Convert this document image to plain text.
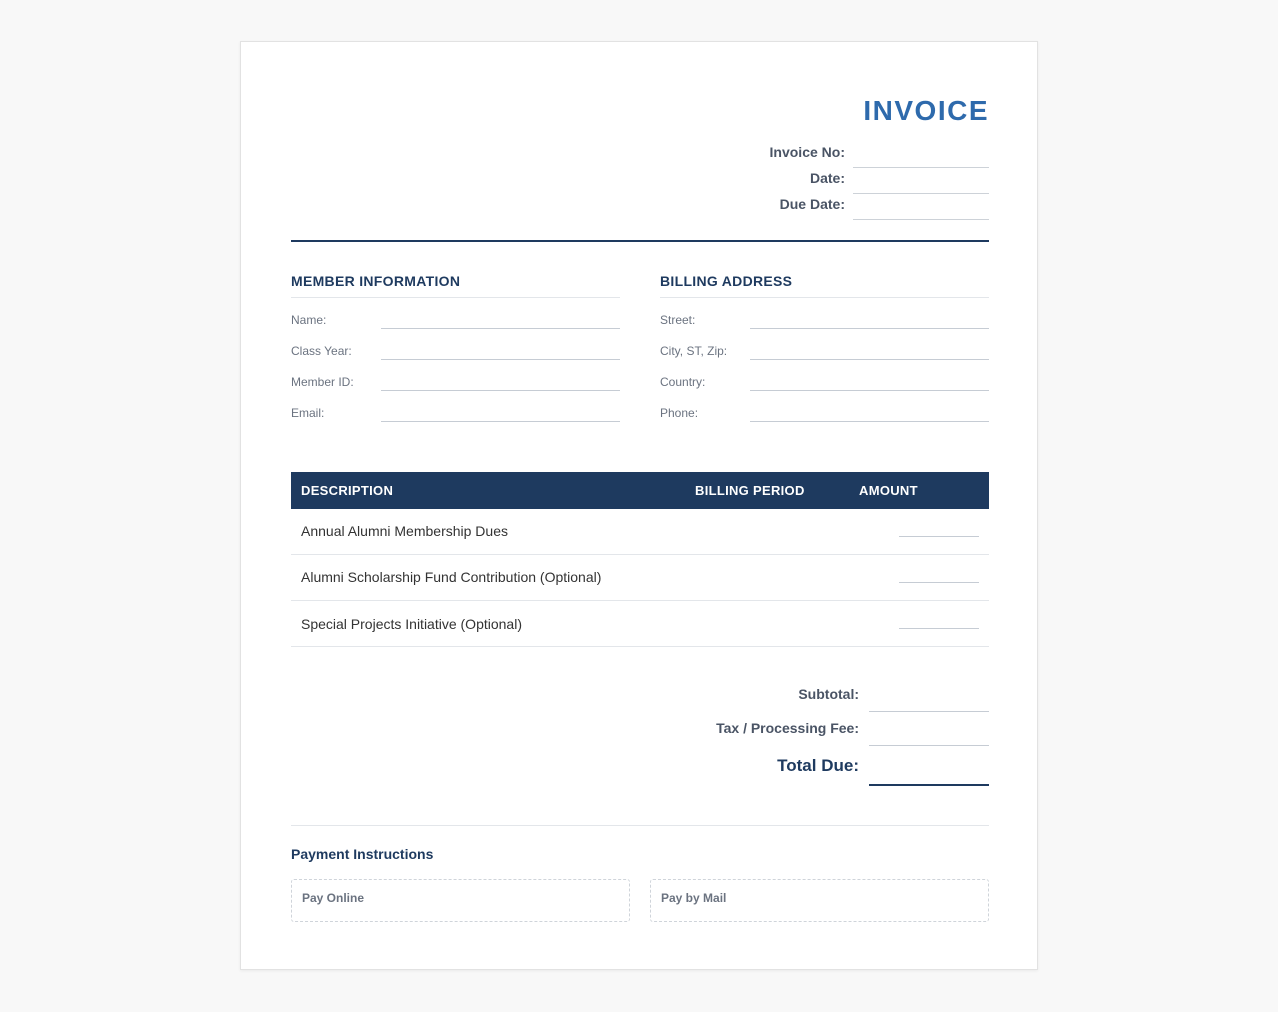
INVOICE
Invoice No:
Date:
Due Date:
MEMBER INFORMATION
Name:
Class Year:
Member ID:
Email:
BILLING ADDRESS
Street:
City, ST, Zip:
Country:
Phone:
DESCRIPTION	BILLING PERIOD	AMOUNT
Annual Alumni Membership Dues
Alumni Scholarship Fund Contribution (Optional)
Special Projects Initiative (Optional)
Subtotal:
Tax / Processing Fee:
Total Due:
Payment Instructions
Pay Online	Pay by Mail
